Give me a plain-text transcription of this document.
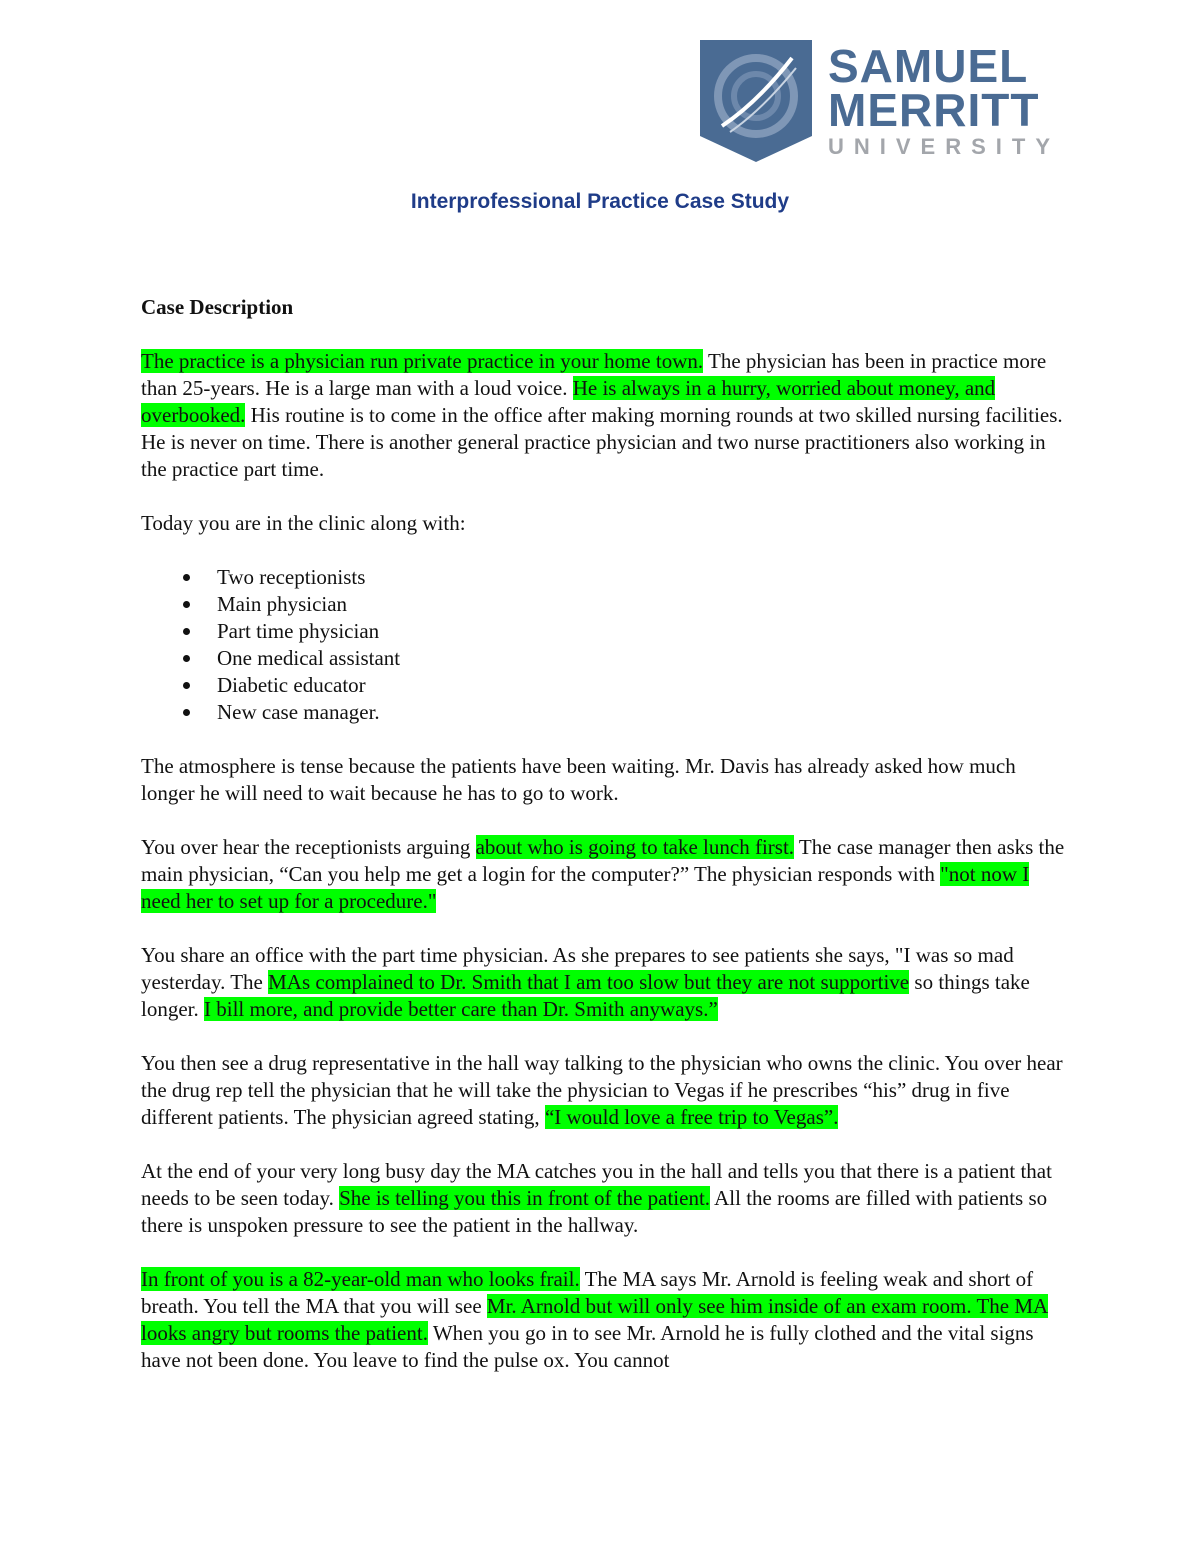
SAMUEL
MERRITT
UNIVERSITY
Interprofessional Practice Case Study
Case Description

The practice is a physician run private practice in your home town. The physician has been in practice more than 25-years. He is a large man with a loud voice. He is always in a hurry, worried about money, and overbooked. His routine is to come in the office after making morning rounds at two skilled nursing facilities. He is never on time. There is another general practice physician and two nurse practitioners also working in the practice part time.

Today you are in the clinic along with:

Two receptionists
Main physician
Part time physician
One medical assistant
Diabetic educator
New case manager.

The atmosphere is tense because the patients have been waiting. Mr. Davis has already asked how much longer he will need to wait because he has to go to work.

You over hear the receptionists arguing about who is going to take lunch first. The case manager then asks the main physician, “Can you help me get a login for the computer?” The physician responds with "not now I need her to set up for a procedure."

You share an office with the part time physician. As she prepares to see patients she says, "I was so mad yesterday. The MAs complained to Dr. Smith that I am too slow but they are not supportive so things take longer. I bill more, and provide better care than Dr. Smith anyways.”

You then see a drug representative in the hall way talking to the physician who owns the clinic. You over hear the drug rep tell the physician that he will take the physician to Vegas if he prescribes “his” drug in five different patients. The physician agreed stating, “I would love a free trip to Vegas”.

At the end of your very long busy day the MA catches you in the hall and tells you that there is a patient that needs to be seen today. She is telling you this in front of the patient. All the rooms are filled with patients so there is unspoken pressure to see the patient in the hallway.

In front of you is a 82-year-old man who looks frail. The MA says Mr. Arnold is feeling weak and short of breath. You tell the MA that you will see Mr. Arnold but will only see him inside of an exam room. The MA looks angry but rooms the patient. When you go in to see Mr. Arnold he is fully clothed and the vital signs have not been done. You leave to find the pulse ox. You cannot
